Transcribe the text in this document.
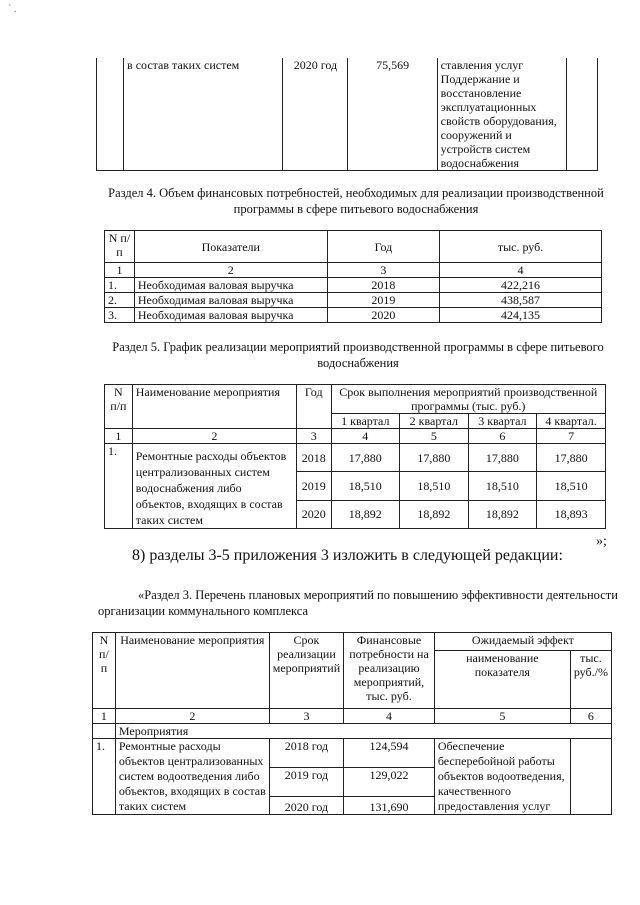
` .
	в состав таких систем	2020 год	75,569	ставления услуг Поддержание и восстановление эксплуатационных свойств оборудования, сооружений и устройств систем водоснабжения	
Раздел 4. Объем финансовых потребностей, необходимых для реализации производственной программы в сфере питьевого водоснабжения
N п/п	Показатели	Год	тыс. руб.
1	2	3	4
1.	Необходимая валовая выручка	2018	422,216
2.	Необходимая валовая выручка	2019	438,587
3.	Необходимая валовая выручка	2020	424,135
Раздел 5. График реализации мероприятий производственной программы в сфере питьевого водоснабжения
N п/п	Наименование мероприятия	Год	Срок выполнения мероприятий производственной программы (тыс. руб.)			
			1 квартал	2 квартал	3 квартал	4 квартал.
1	2	3	4	5	6	7
1.	Ремонтные расходы объектов централизованных систем водоснабжения либо объектов, входящих в состав таких систем	2018	17,880	17,880	17,880	17,880
		2019	18,510	18,510	18,510	18,510
		2020	18,892	18,892	18,892	18,893
»;
8) разделы 3-5 приложения 3 изложить в следующей редакции:
«Раздел 3. Перечень плановых мероприятий по повышению эффективности деятельности организации коммунального комплекса
N п/ п	Наименование мероприятия	Срок реализации мероприятий	Финансовые потребности на реализацию мероприятий, тыс. руб.	Ожидаемый эффект	
				наименование показателя	тыс. руб./%
1	2	3	4	5	6
	Мероприятия				
1.	Ремонтные расходы объектов централизованных систем водоотведения либо объектов, входящих в состав таких систем	2018 год	124,594	Обеспечение бесперебойной работы объектов водоотведения, качественного предоставления услуг	
		2019 год	129,022		
		2020 год	131,690		
